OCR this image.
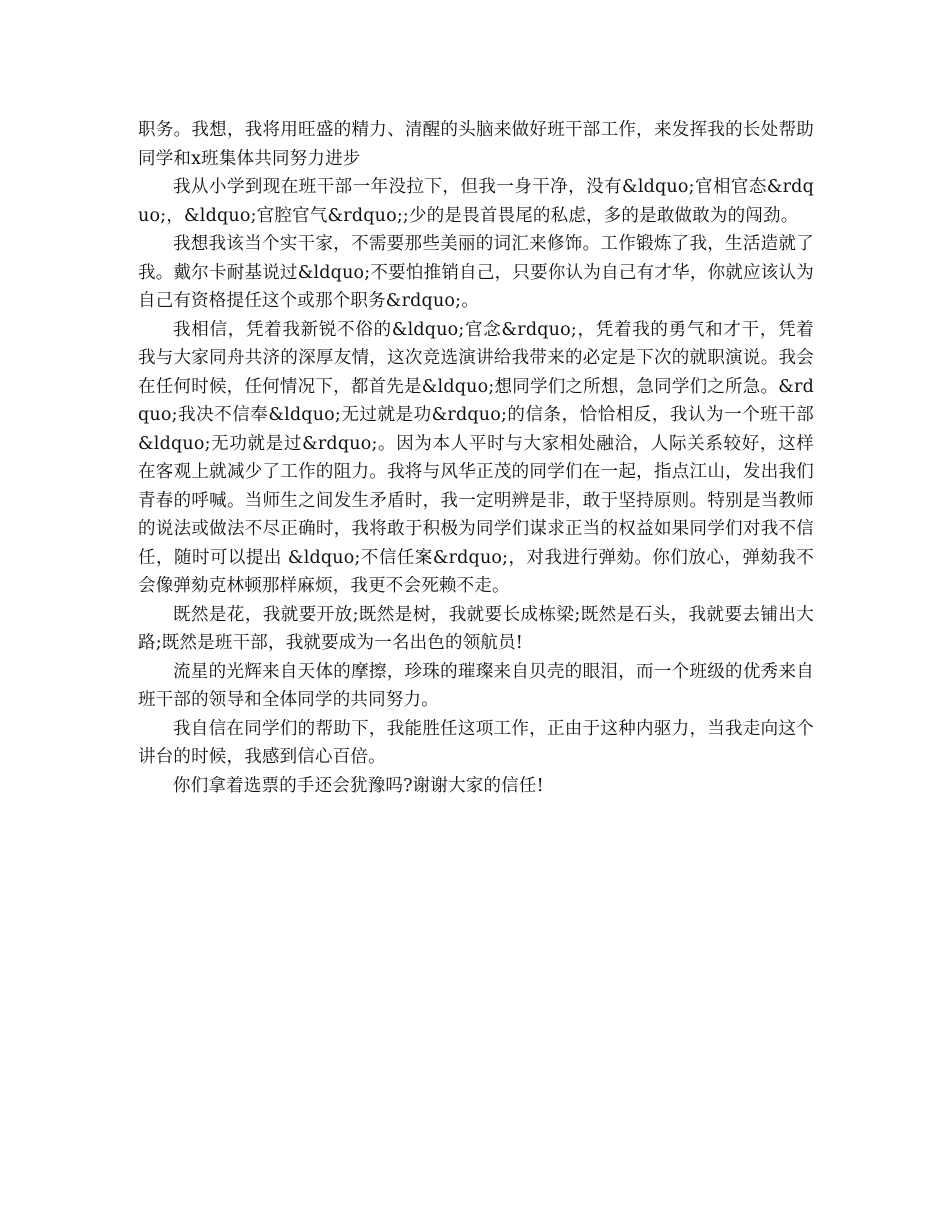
职务。我想，我将用旺盛的精力、清醒的头脑来做好班干部工作，来发挥我的长处帮助同学和x班集体共同努力进步

我从小学到现在班干部一年没拉下，但我一身干净，没有&ldquo;官相官态&rdquo;，&ldquo;官腔官气&rdquo;;少的是畏首畏尾的私虑，多的是敢做敢为的闯劲。

我想我该当个实干家，不需要那些美丽的词汇来修饰。工作锻炼了我，生活造就了我。戴尔卡耐基说过&ldquo;不要怕推销自己，只要你认为自己有才华，你就应该认为自己有资格提任这个或那个职务&rdquo;。

我相信，凭着我新锐不俗的&ldquo;官念&rdquo;，凭着我的勇气和才干，凭着我与大家同舟共济的深厚友情，这次竞选演讲给我带来的必定是下次的就职演说。我会在任何时候，任何情况下，都首先是&ldquo;想同学们之所想，急同学们之所急。&rdquo;我决不信奉&ldquo;无过就是功&rdquo;的信条，恰恰相反，我认为一个班干部&ldquo;无功就是过&rdquo;。因为本人平时与大家相处融洽，人际关系较好，这样在客观上就减少了工作的阻力。我将与风华正茂的同学们在一起，指点江山，发出我们青春的呼喊。当师生之间发生矛盾时，我一定明辨是非，敢于坚持原则。特别是当教师的说法或做法不尽正确时，我将敢于积极为同学们谋求正当的权益如果同学们对我不信任，随时可以提出 &ldquo;不信任案&rdquo;，对我进行弹劾。你们放心，弹劾我不会像弹劾克林顿那样麻烦，我更不会死赖不走。

既然是花，我就要开放;既然是树，我就要长成栋梁;既然是石头，我就要去铺出大路;既然是班干部，我就要成为一名出色的领航员!

流星的光辉来自天体的摩擦，珍珠的璀璨来自贝壳的眼泪，而一个班级的优秀来自班干部的领导和全体同学的共同努力。

我自信在同学们的帮助下，我能胜任这项工作，正由于这种内驱力，当我走向这个讲台的时候，我感到信心百倍。

你们拿着选票的手还会犹豫吗?谢谢大家的信任!
